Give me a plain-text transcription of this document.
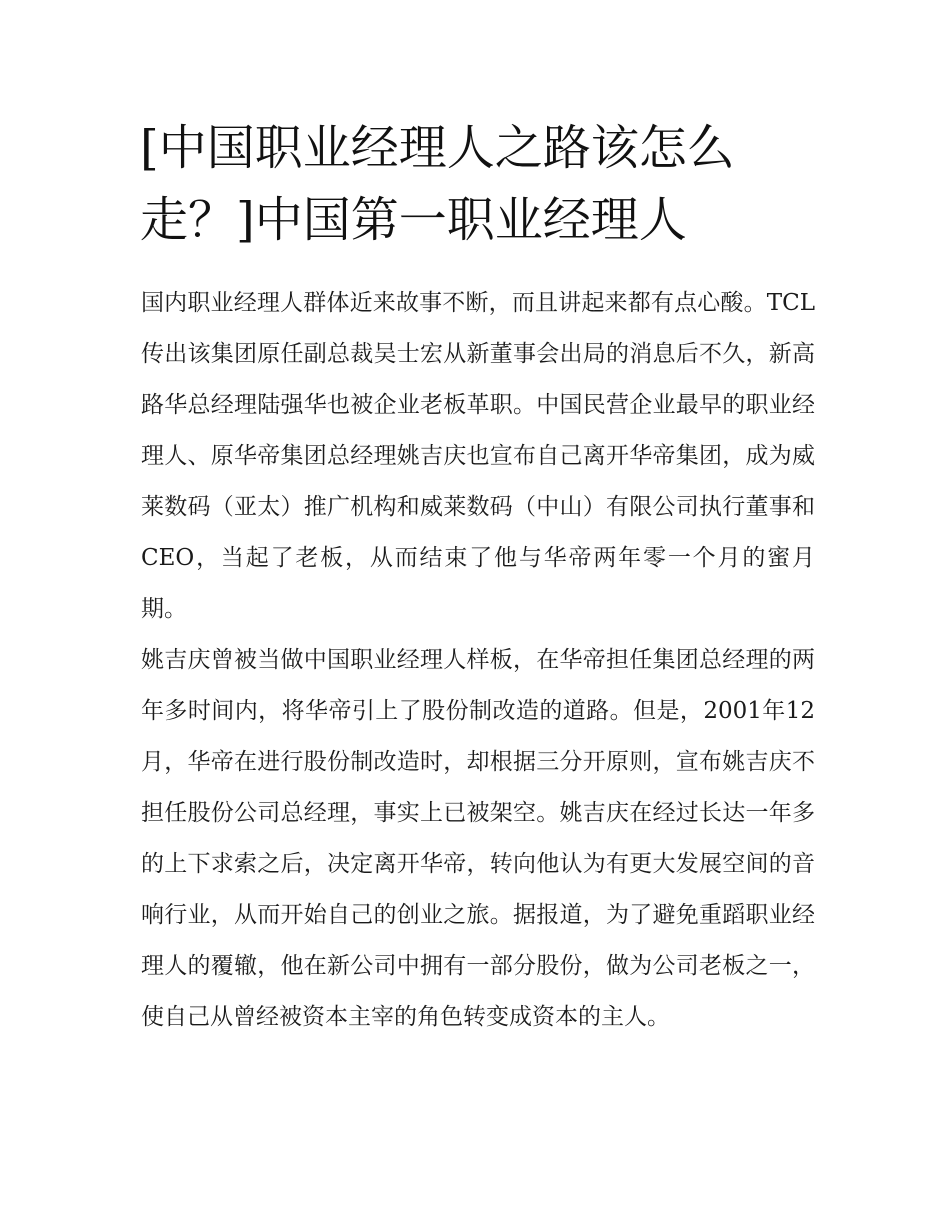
[中国职业经理人之路该怎么走？]中国第一职业经理人

国内职业经理人群体近来故事不断，而且讲起来都有点心酸。TCL传出该集团原任副总裁吴士宏从新董事会出局的消息后不久，新高路华总经理陆强华也被企业老板革职。中国民营企业最早的职业经理人、原华帝集团总经理姚吉庆也宣布自己离开华帝集团，成为威莱数码（亚太）推广机构和威莱数码（中山）有限公司执行董事和CEO，当起了老板，从而结束了他与华帝两年零一个月的蜜月期。

姚吉庆曾被当做中国职业经理人样板，在华帝担任集团总经理的两年多时间内，将华帝引上了股份制改造的道路。但是，2001年12月，华帝在进行股份制改造时，却根据三分开原则，宣布姚吉庆不担任股份公司总经理，事实上已被架空。姚吉庆在经过长达一年多的上下求索之后，决定离开华帝，转向他认为有更大发展空间的音响行业，从而开始自己的创业之旅。据报道，为了避免重蹈职业经理人的覆辙，他在新公司中拥有一部分股份，做为公司老板之一，使自己从曾经被资本主宰的角色转变成资本的主人。
